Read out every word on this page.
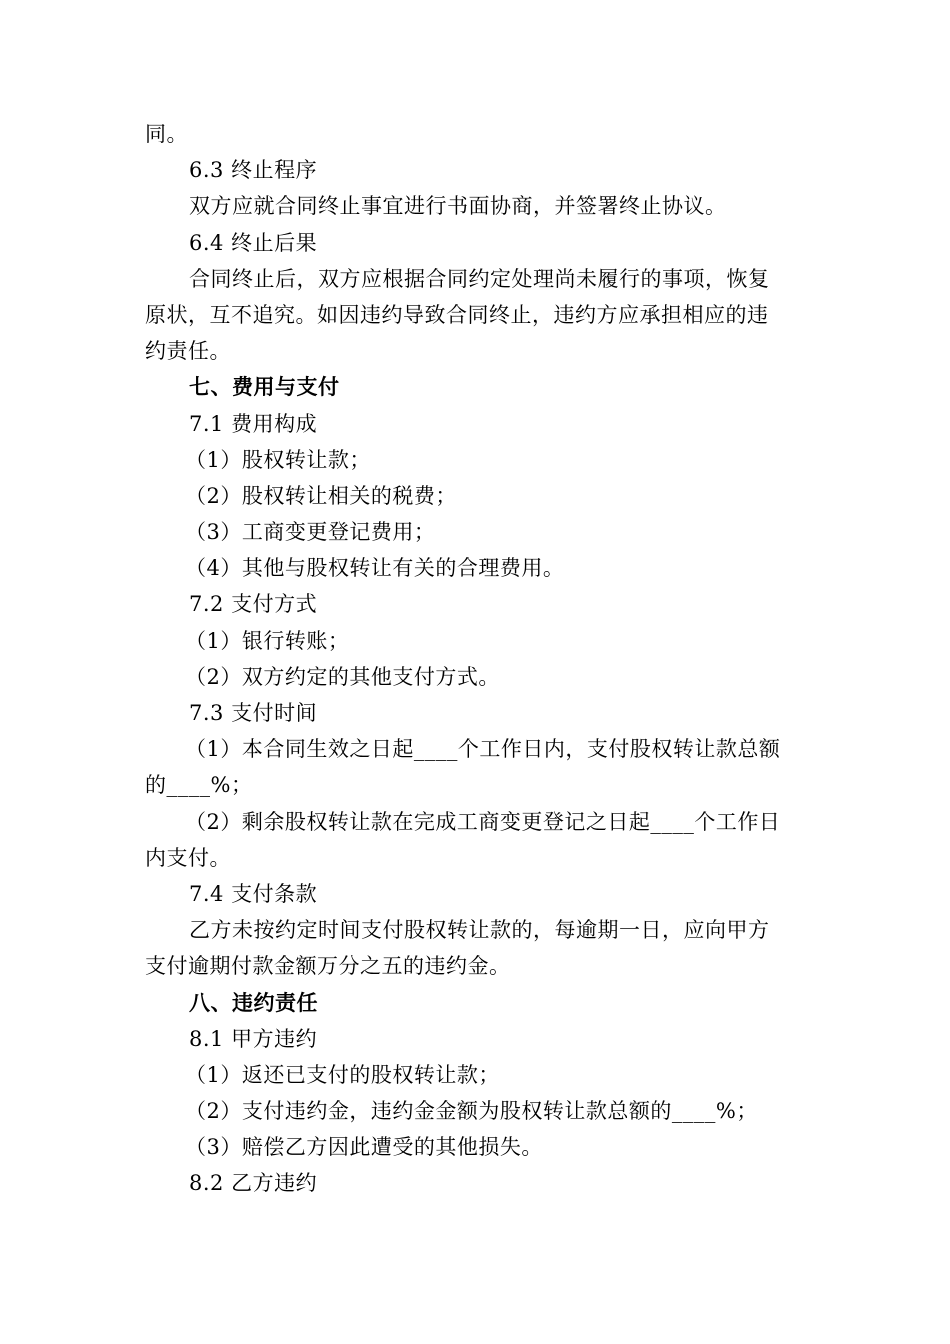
同。
6.3 终止程序
双方应就合同终止事宜进行书面协商，并签署终止协议。
6.4 终止后果
合同终止后，双方应根据合同约定处理尚未履行的事项，恢复
原状，互不追究。如因违约导致合同终止，违约方应承担相应的违
约责任。
七、费用与支付
7.1 费用构成
（1）股权转让款；
（2）股权转让相关的税费；
（3）工商变更登记费用；
（4）其他与股权转让有关的合理费用。
7.2 支付方式
（1）银行转账；
（2）双方约定的其他支付方式。
7.3 支付时间
（1）本合同生效之日起____个工作日内，支付股权转让款总额
的____%；
（2）剩余股权转让款在完成工商变更登记之日起____个工作日
内支付。
7.4 支付条款
乙方未按约定时间支付股权转让款的，每逾期一日，应向甲方
支付逾期付款金额万分之五的违约金。
八、违约责任
8.1 甲方违约
（1）返还已支付的股权转让款；
（2）支付违约金，违约金金额为股权转让款总额的____%；
（3）赔偿乙方因此遭受的其他损失。
8.2 乙方违约
